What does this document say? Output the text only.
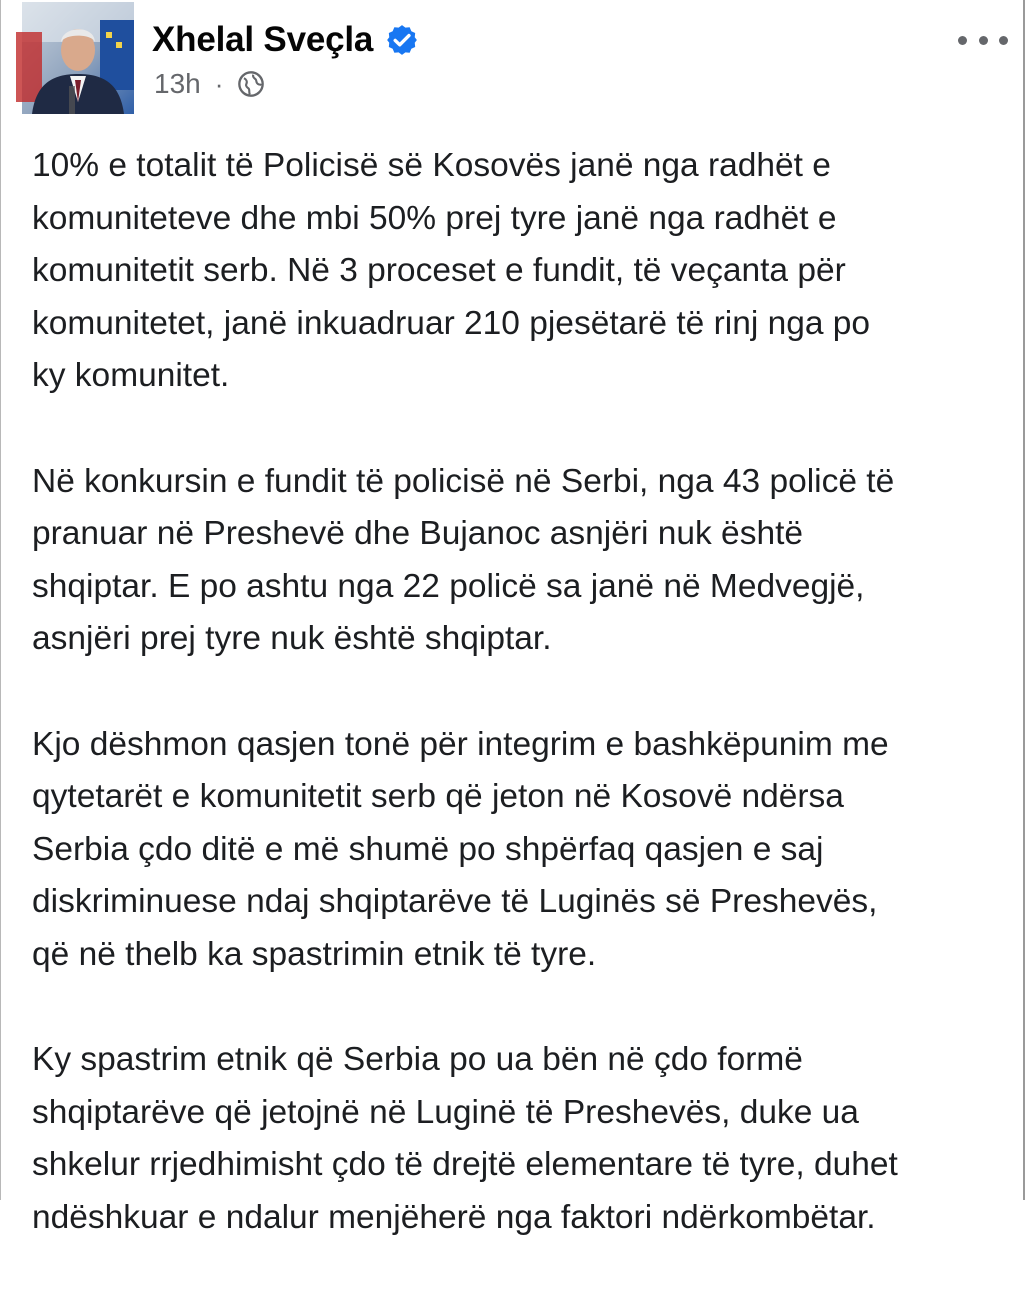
Xhelal Sveçla
13h ·

10% e totalit të Policisë së Kosovës janë nga radhët e
komuniteteve dhe mbi 50% prej tyre janë nga radhët e
komunitetit serb. Në 3 proceset e fundit, të veçanta për
komunitetet, janë inkuadruar 210 pjesëtarë të rinj nga po
ky komunitet.

Në konkursin e fundit të policisë në Serbi, nga 43 policë të
pranuar në Preshevë dhe Bujanoc asnjëri nuk është
shqiptar. E po ashtu nga 22 policë sa janë në Medvegjë,
asnjëri prej tyre nuk është shqiptar.

Kjo dëshmon qasjen tonë për integrim e bashkëpunim me
qytetarët e komunitetit serb që jeton në Kosovë ndërsa
Serbia çdo ditë e më shumë po shpërfaq qasjen e saj
diskriminuese ndaj shqiptarëve të Luginës së Preshevës,
që në thelb ka spastrimin etnik të tyre.

Ky spastrim etnik që Serbia po ua bën në çdo formë
shqiptarëve që jetojnë në Luginë të Preshevës, duke ua
shkelur rrjedhimisht çdo të drejtë elementare të tyre, duhet
ndëshkuar e ndalur menjëherë nga faktori ndërkombëtar.
